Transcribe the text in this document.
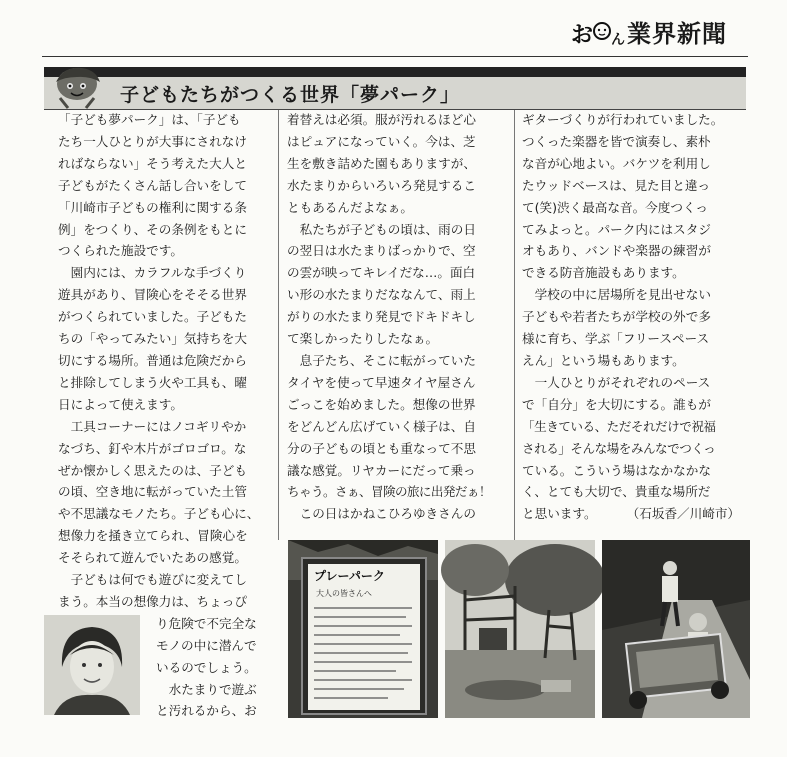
お ん 業界新聞
子どもたちがつくる世界「夢パーク」

「子ども夢パーク」は、「子ども

たち一人ひとりが大事にされなけ

ればならない」そう考えた大人と

子どもがたくさん話し合いをして

「川崎市子どもの権利に関する条

例」をつくり、その条例をもとに

つくられた施設です。

　園内には、カラフルな手づくり

遊具があり、冒険心をそそる世界

がつくられていました。子どもた

ちの「やってみたい」気持ちを大

切にする場所。普通は危険だから

と排除してしまう火や工具も、曜

日によって使えます。

　工具コーナーにはノコギリやか

なづち、釘や木片がゴロゴロ。な

ぜか懐かしく思えたのは、子ども

の頃、空き地に転がっていた土管

や不思議なモノたち。子ども心に、

想像力を掻き立てられ、冒険心を

そそられて遊んでいたあの感覚。

　子どもは何でも遊びに変えてし

まう。本当の想像力は、ちょっぴ

り危険で不完全な

モノの中に潜んで

いるのでしょう。

　水たまりで遊ぶ

と汚れるから、お

着替えは必須。服が汚れるほど心

はピュアになっていく。今は、芝

生を敷き詰めた園もありますが、

水たまりからいろいろ発見するこ

ともあるんだよなぁ。

　私たちが子どもの頃は、雨の日

の翌日は水たまりばっかりで、空

の雲が映ってキレイだな…。面白

い形の水たまりだななんて、雨上

がりの水たまり発見でドキドキし

て楽しかったりしたなぁ。

　息子たち、そこに転がっていた

タイヤを使って早速タイヤ屋さん

ごっこを始めました。想像の世界

をどんどん広げていく様子は、自

分の子どもの頃とも重なって不思

議な感覚。リヤカーにだって乗っ

ちゃう。さぁ、冒険の旅に出発だぁ！

　この日はかねこひろゆきさんの

ギターづくりが行われていました。

つくった楽器を皆で演奏し、素朴

な音が心地よい。バケツを利用し

たウッドベースは、見た目と違っ

て(笑)渋く最高な音。今度つくっ

てみよっと。パーク内にはスタジ

オもあり、バンドや楽器の練習が

できる防音施設もあります。

　学校の中に居場所を見出せない

子どもや若者たちが学校の外で多

様に育ち、学ぶ「フリースペース

えん」という場もあります。

　一人ひとりがそれぞれのペース

で「自分」を大切にする。誰もが

「生きている、ただそれだけで祝福

される」そんな場をみんなでつくっ

ている。こういう場はなかなかな

く、とても大切で、貴重な場所だ

と思います。 （石坂香／川崎市）

プレーパーク
大人の皆さんへ
